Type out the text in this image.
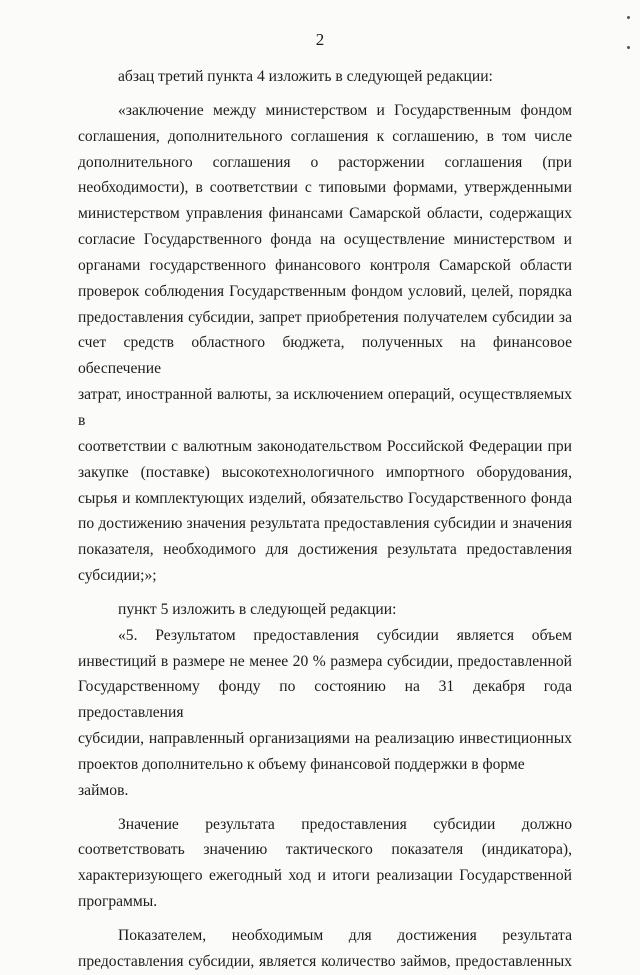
2

абзац третий пункта 4 изложить в следующей редакции:

«заключение между министерством и Государственным фондом

соглашения, дополнительного соглашения к соглашению, в том числе

дополнительного соглашения о расторжении соглашения (при

необходимости), в соответствии с типовыми формами, утвержденными

министерством управления финансами Самарской области, содержащих

согласие Государственного фонда на осуществление министерством и

органами государственного финансового контроля Самарской области

проверок соблюдения Государственным фондом условий, целей, порядка

предоставления субсидии, запрет приобретения получателем субсидии за

счет средств областного бюджета, полученных на финансовое обеспечение

затрат, иностранной валюты, за исключением операций, осуществляемых в

соответствии с валютным законодательством Российской Федерации при

закупке (поставке) высокотехнологичного импортного оборудования,

сырья и комплектующих изделий, обязательство Государственного фонда

по достижению значения результата предоставления субсидии и значения

показателя, необходимого для достижения результата предоставления

субсидии;»;

пункт 5 изложить в следующей редакции:

«5. Результатом предоставления субсидии является объем

инвестиций в размере не менее 20 % размера субсидии, предоставленной

Государственному фонду по состоянию на 31 декабря года предоставления

субсидии, направленный организациями на реализацию инвестиционных

проектов дополнительно к объему финансовой поддержки в форме займов.

Значение результата предоставления субсидии должно

соответствовать значению тактического показателя (индикатора),

характеризующего ежегодный ход и итоги реализации Государственной

программы.

Показателем, необходимым для достижения результата

предоставления субсидии, является количество займов, предоставленных
